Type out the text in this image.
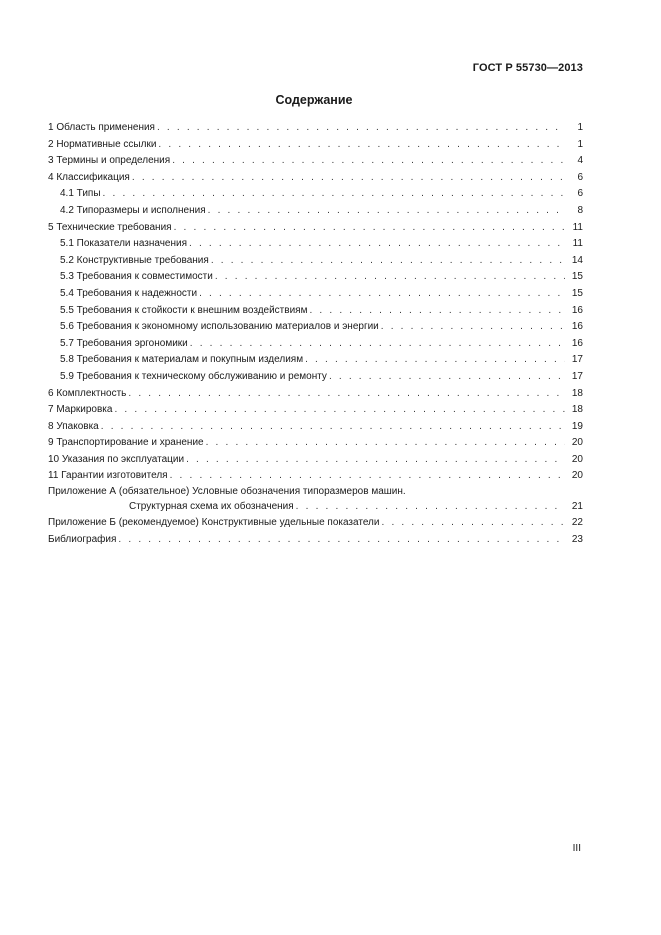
ГОСТ Р 55730—2013
Содержание
1 Область применения . . .	1
2 Нормативные ссылки . . .	1
3 Термины и определения . . .	4
4 Классификация . . .	6
4.1 Типы . . .	6
4.2 Типоразмеры и исполнения . . .	8
5 Технические требования . . .	11
5.1 Показатели назначения . . .	11
5.2 Конструктивные требования . . .	14
5.3 Требования к совместимости . . .	15
5.4 Требования к надежности . . .	15
5.5 Требования к стойкости к внешним воздействиям . . .	16
5.6 Требования к экономному использованию материалов и энергии . . .	16
5.7 Требования эргономики . . .	16
5.8 Требования к материалам и покупным изделиям . . .	17
5.9 Требования к техническому обслуживанию и ремонту . . .	17
6 Комплектность . . .	18
7 Маркировка . . .	18
8 Упаковка . . .	19
9 Транспортирование и хранение . . .	20
10 Указания по эксплуатации . . .	20
11 Гарантии изготовителя . . .	20
Приложение А (обязательное) Условные обозначения типоразмеров машин.
Структурная схема их обозначения . . .	21
Приложение Б (рекомендуемое) Конструктивные удельные показатели . . .	22
Библиография . . .	23
III
